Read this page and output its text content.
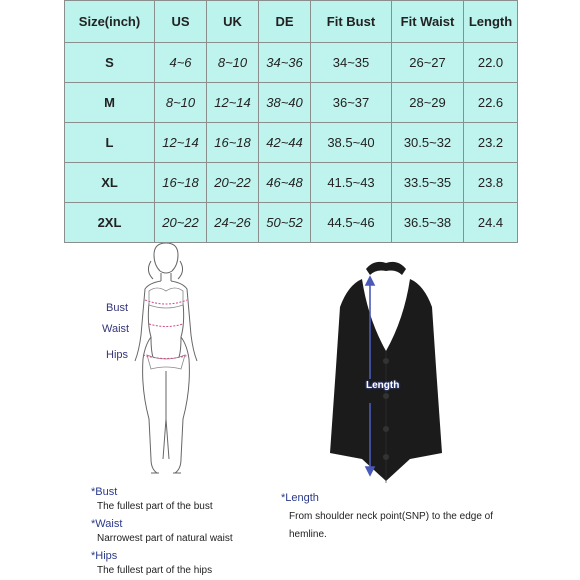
Size(inch)	US	UK	DE	Fit Bust	Fit Waist	Length
S	4~6	8~10	34~36	34~35	26~27	22.0
M	8~10	12~14	38~40	36~37	28~29	22.6
L	12~14	16~18	42~44	38.5~40	30.5~32	23.2
XL	16~18	20~22	46~48	41.5~43	33.5~35	23.8
2XL	20~22	24~26	50~52	44.5~46	36.5~38	24.4
Bust
Waist
Hips
Length
*Bust
The fullest part of the bust
*Waist
Narrowest part of natural waist
*Hips
The fullest part of the hips
*Length
From shoulder neck point(SNP) to the edge of hemline.
